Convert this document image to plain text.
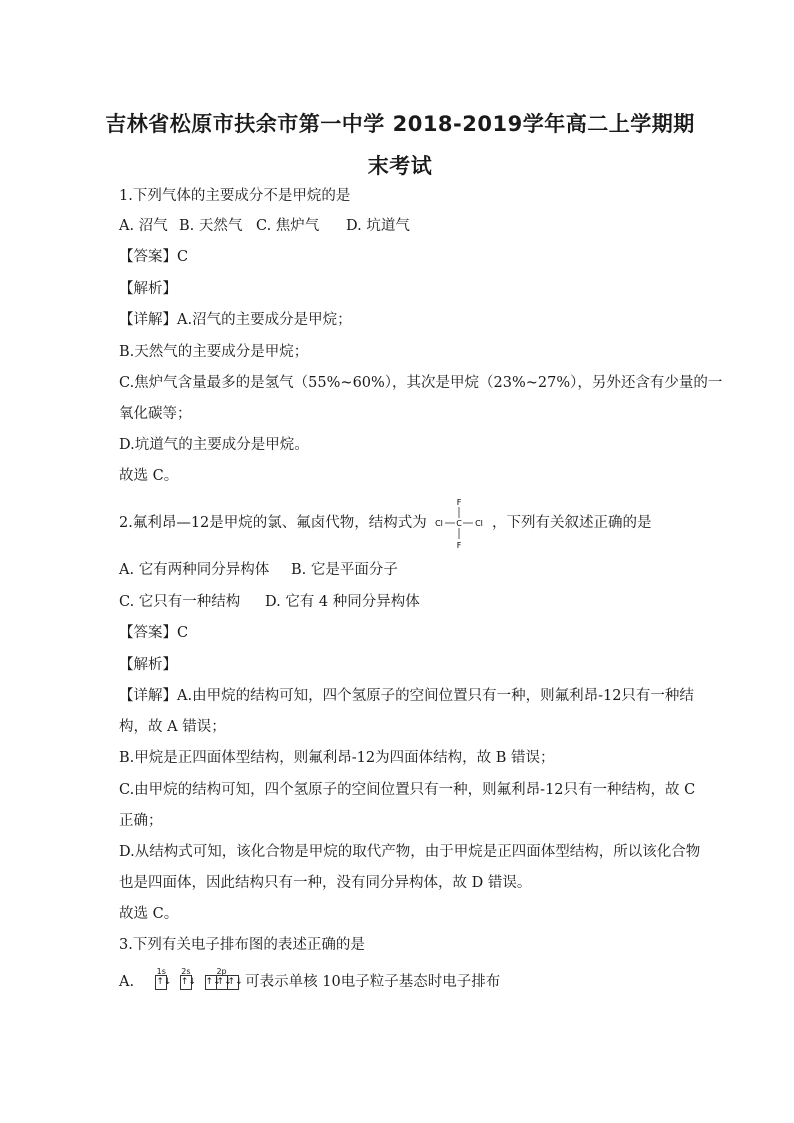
吉林省松原市扶余市第一中学 2018-2019学年高二上学期期
末考试
1.下列气体的主要成分不是甲烷的是
A. 沼气 B. 天然气 C. 焦炉气 D. 坑道气
【答案】C
【解析】
【详解】A.沼气的主要成分是甲烷；
B.天然气的主要成分是甲烷；
C.焦炉气含量最多的是氢气（55%~60%），其次是甲烷（23%~27%），另外还含有少量的一
氧化碳等；
D.坑道气的主要成分是甲烷。
故选 C。
2.氟利昂—12是甲烷的氯、氟卤代物，结构式为
F
Cl C Cl
F
，下列有关叙述正确的是
A. 它有两种同分异构体 B. 它是平面分子
C. 它只有一种结构 D. 它有 4 种同分异构体
【答案】C
【解析】
【详解】A.由甲烷的结构可知，四个氢原子的空间位置只有一种，则氟利昂-12只有一种结
构，故 A 错误；
B.甲烷是正四面体型结构，则氟利昂-12为四面体结构，故 B 错误；
C.由甲烷的结构可知，四个氢原子的空间位置只有一种，则氟利昂-12只有一种结构，故 C
正确；
D.从结构式可知，该化合物是甲烷的取代产物，由于甲烷是正四面体型结构，所以该化合物
也是四面体，因此结构只有一种，没有同分异构体，故 D 错误。
故选 C。
3.下列有关电子排布图的表述正确的是
A.
1s
↑↓
2s
↑↓
2p
↑↓↑↓↑↓ 可表示单核 10电子粒子基态时电子排布
